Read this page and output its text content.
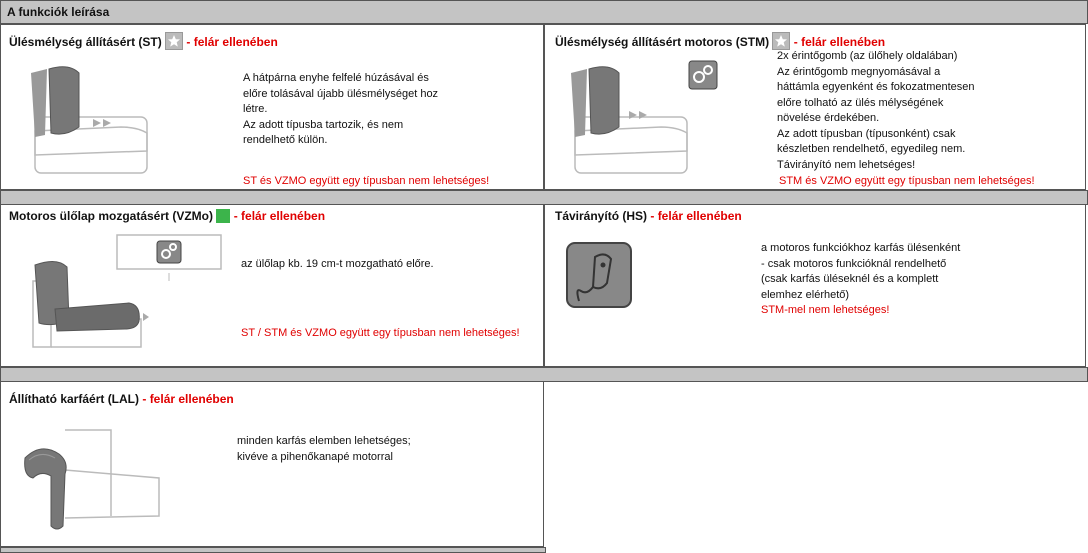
A funkciók leírása
Ülésmélység állításért (ST) - felár ellenében
A hátpárna enyhe felfelé húzásával és
előre tolásával újabb ülésmélységet hoz
létre.
Az adott típusba tartozik, és nem
rendelhető külön.
ST és VZMO együtt egy típusban nem lehetséges!
Ülésmélység állításért motoros (STM) - felár ellenében
2x érintőgomb (az ülőhely oldalában)
Az érintőgomb megnyomásával a
háttámla egyenként és fokozatmentesen
előre tolható az ülés mélységének
növelése érdekében.
Az adott típusban (típusonként) csak
készletben rendelhető, egyedileg nem.
Távirányító nem lehetséges!
STM és VZMO együtt egy típusban nem lehetséges!
Motoros ülőlap mozgatásért (VZMo) - felár ellenében
az ülőlap kb. 19 cm-t mozgatható előre.
ST / STM és VZMO együtt egy típusban nem lehetséges!
Távirányító (HS) - felár ellenében
a motoros funkciókhoz karfás ülésenként
- csak motoros funkcióknál rendelhető
(csak karfás üléseknél és a komplett
elemhez elérhető)
STM-mel nem lehetséges!
Állítható karfáért (LAL) - felár ellenében
minden karfás elemben lehetséges;
kivéve a pihenőkanapé motorral
